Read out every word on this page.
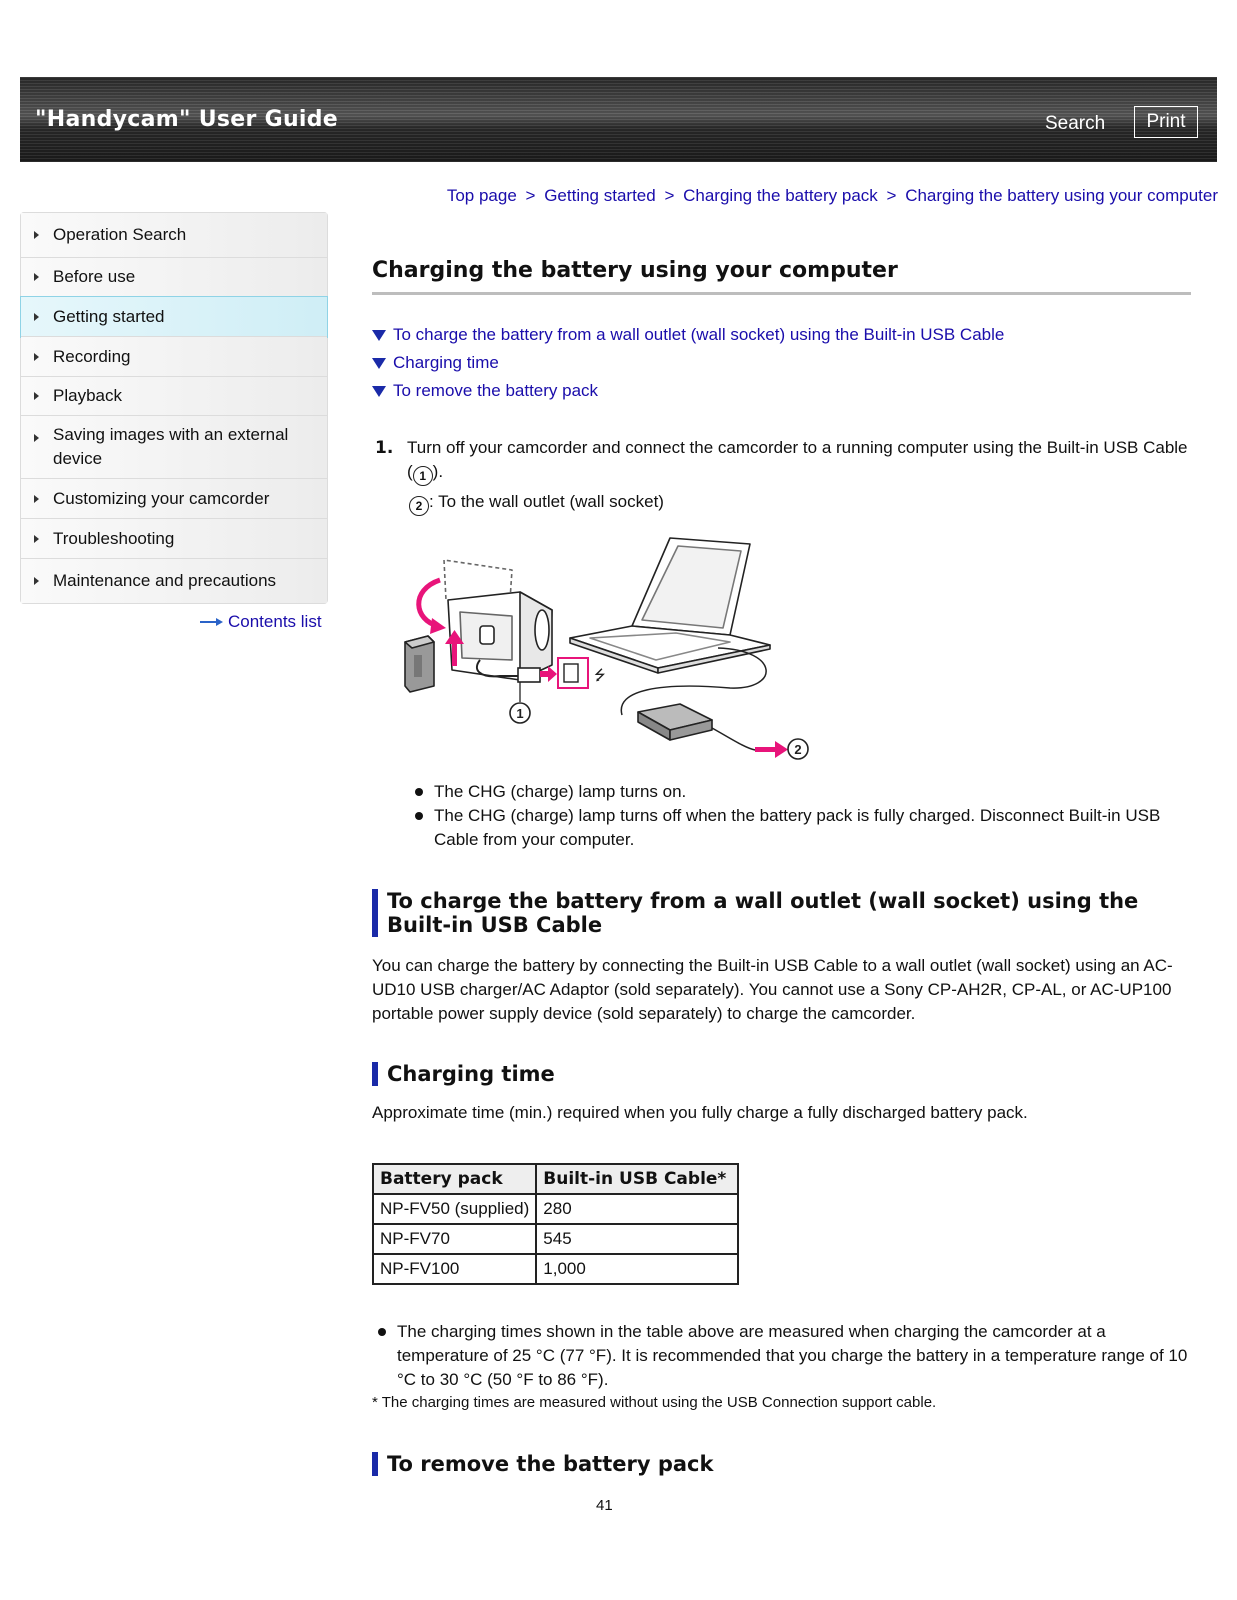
"Handycam" User Guide	Search	Print
Top page > Getting started > Charging the battery pack > Charging the battery using your computer
Operation Search
Before use
Getting started
Recording
Playback
Saving images with an external device
Customizing your camcorder
Troubleshooting
Maintenance and precautions
Contents list
Charging the battery using your computer
To charge the battery from a wall outlet (wall socket) using the Built-in USB Cable
Charging time
To remove the battery pack
1. Turn off your camcorder and connect the camcorder to a running computer using the Built-in USB Cable ( 1 ).
2 : To the wall outlet (wall socket)
2
⭍
1
The CHG (charge) lamp turns on.
The CHG (charge) lamp turns off when the battery pack is fully charged. Disconnect Built-in USB Cable from your computer.
To charge the battery from a wall outlet (wall socket) using the Built-in USB Cable
You can charge the battery by connecting the Built-in USB Cable to a wall outlet (wall socket) using an AC-UD10 USB charger/AC Adaptor (sold separately). You cannot use a Sony CP-AH2R, CP-AL, or AC-UP100 portable power supply device (sold separately) to charge the camcorder.
Charging time
Approximate time (min.) required when you fully charge a fully discharged battery pack.
Battery pack	Built-in USB Cable*
NP-FV50 (supplied)	280
NP-FV70	545
NP-FV100	1,000
The charging times shown in the table above are measured when charging the camcorder at a temperature of 25 °C (77 °F). It is recommended that you charge the battery in a temperature range of 10 °C to 30 °C (50 °F to 86 °F).
* The charging times are measured without using the USB Connection support cable.
To remove the battery pack
41
